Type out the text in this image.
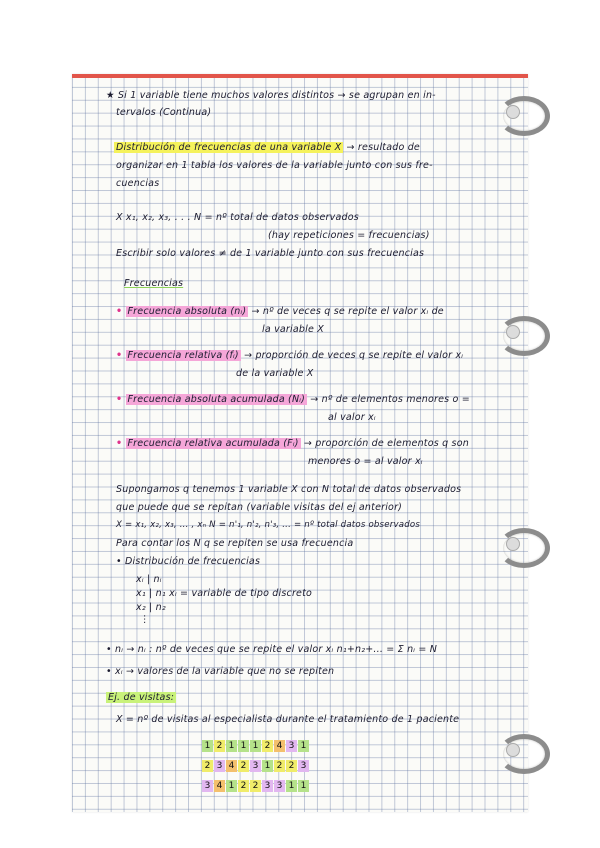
★ Si 1 variable tiene muchos valores distintos → se agrupan en in-
tervalos (Continua)
Distribución de frecuencias de una variable X → resultado de
organizar en 1 tabla los valores de la variable junto con sus fre-
cuencias
X x₁, x₂, x₃, . . . N = nº total de datos observados
(hay repeticiones = frecuencias)
Escribir solo valores ≠ de 1 variable junto con sus frecuencias
Frecuencias
• Frecuencia absoluta (nᵢ) → nº de veces q se repite el valor xᵢ de
la variable X
• Frecuencia relativa (fᵢ) → proporción de veces q se repite el valor xᵢ
de la variable X
• Frecuencia absoluta acumulada (Nᵢ) → nº de elementos menores o =
al valor xᵢ
• Frecuencia relativa acumulada (Fᵢ) → proporción de elementos q son
menores o = al valor xᵢ
Supongamos q tenemos 1 variable X con N total de datos observados
que puede que se repitan (variable visitas del ej anterior)
X = x₁, x₂, x₃, ... , xₙ N = n'₁, n'₂, n'₃, ... = nº total datos observados
Para contar los N q se repiten se usa frecuencia
• Distribución de frecuencias
xᵢ | nᵢ
x₁ | n₁ xᵢ = variable de tipo discreto
x₂ | n₂
⋮
• nᵢ → nᵢ : nº de veces que se repite el valor xᵢ n₁+n₂+... = Σ nᵢ = N
• xᵢ → valores de la variable que no se repiten
Ej. de visitas:
X = nº de visitas al especialista durante el tratamiento de 1 paciente
1 2 1 1 1 2 4 3 1
2 3 4 2 3 1 2 2 3
3 4 1 2 2 3 3 1 1
